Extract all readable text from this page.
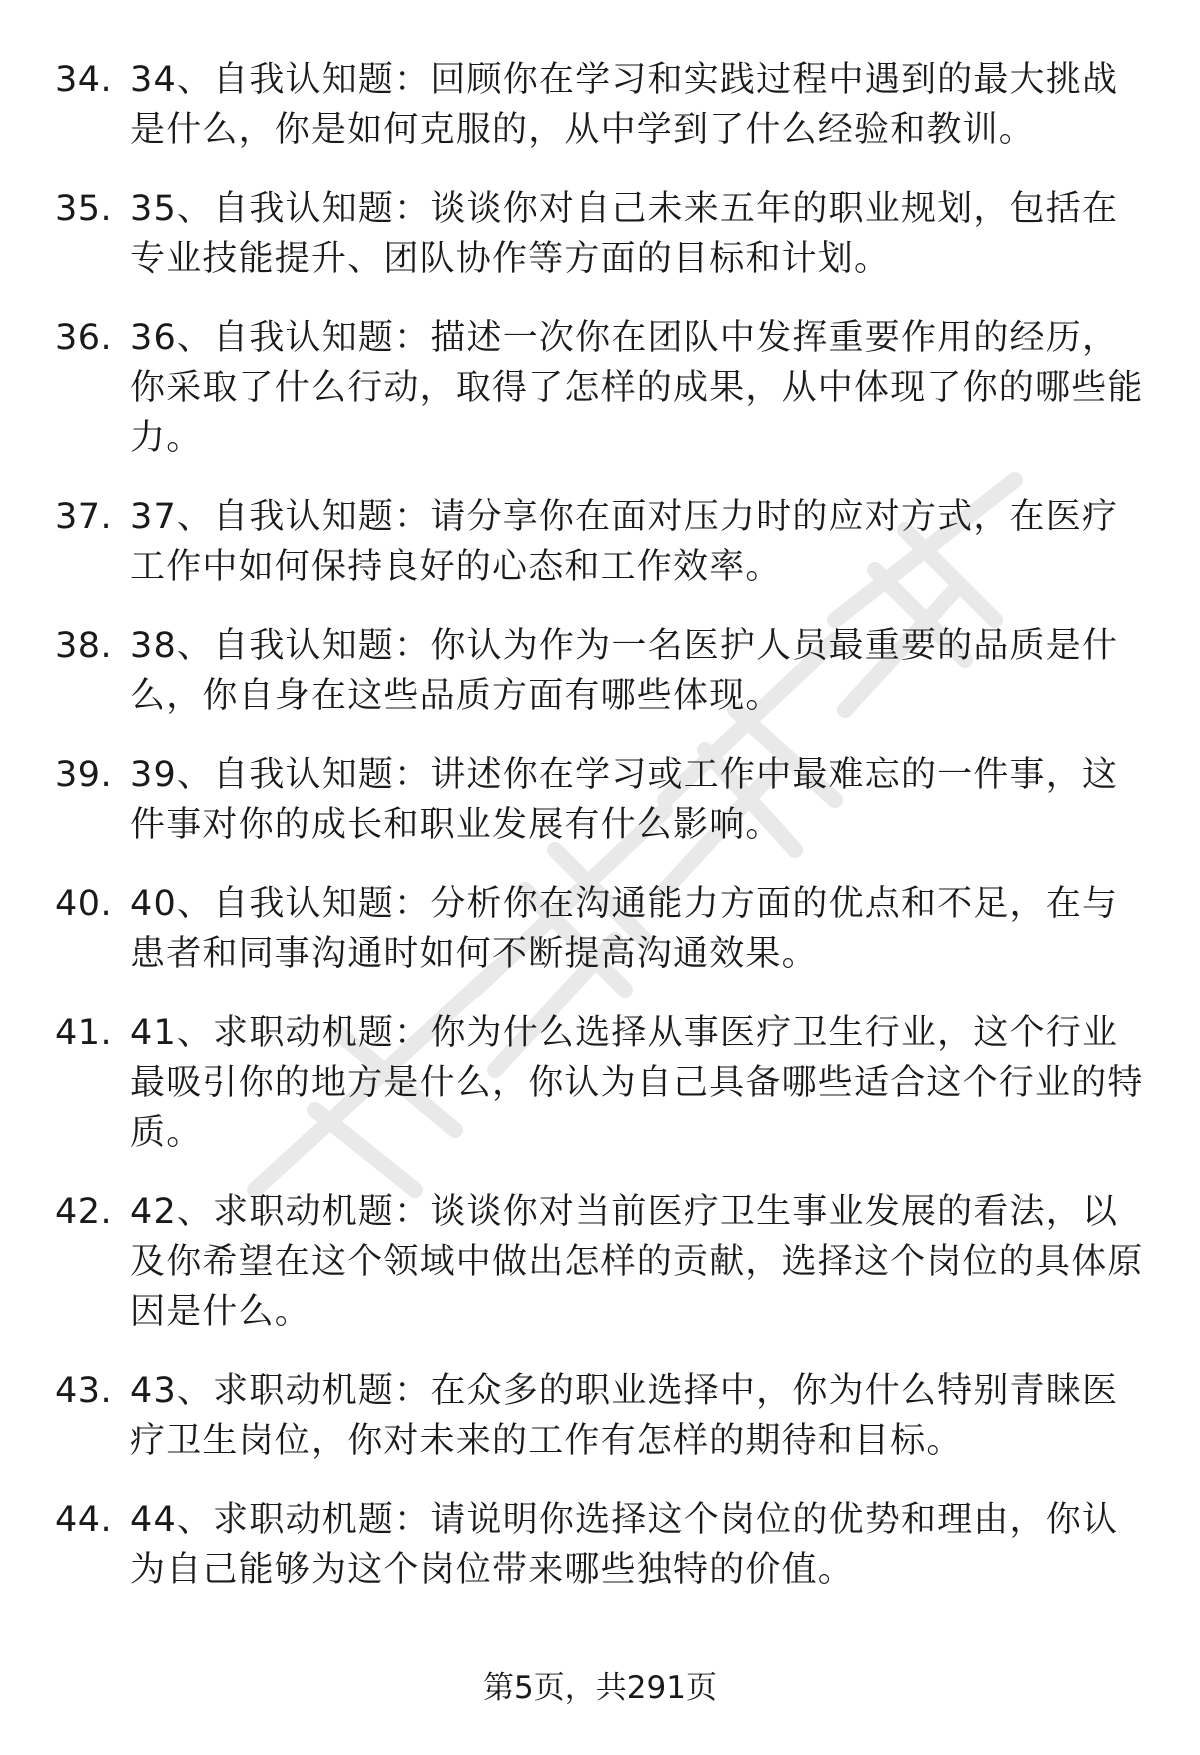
34. 34、自我认知题：回顾你在学习和实践过程中遇到的最大挑战是什么，你是如何克服的，从中学到了什么经验和教训。
35. 35、自我认知题：谈谈你对自己未来五年的职业规划，包括在专业技能提升、团队协作等方面的目标和计划。
36. 36、自我认知题：描述一次你在团队中发挥重要作用的经历，你采取了什么行动，取得了怎样的成果，从中体现了你的哪些能力。
37. 37、自我认知题：请分享你在面对压力时的应对方式，在医疗工作中如何保持良好的心态和工作效率。
38. 38、自我认知题：你认为作为一名医护人员最重要的品质是什么，你自身在这些品质方面有哪些体现。
39. 39、自我认知题：讲述你在学习或工作中最难忘的一件事，这件事对你的成长和职业发展有什么影响。
40. 40、自我认知题：分析你在沟通能力方面的优点和不足，在与患者和同事沟通时如何不断提高沟通效果。
41. 41、求职动机题：你为什么选择从事医疗卫生行业，这个行业最吸引你的地方是什么，你认为自己具备哪些适合这个行业的特质。
42. 42、求职动机题：谈谈你对当前医疗卫生事业发展的看法，以及你希望在这个领域中做出怎样的贡献，选择这个岗位的具体原因是什么。
43. 43、求职动机题：在众多的职业选择中，你为什么特别青睐医疗卫生岗位，你对未来的工作有怎样的期待和目标。
44. 44、求职动机题：请说明你选择这个岗位的优势和理由，你认为自己能够为这个岗位带来哪些独特的价值。
第5页，共291页
